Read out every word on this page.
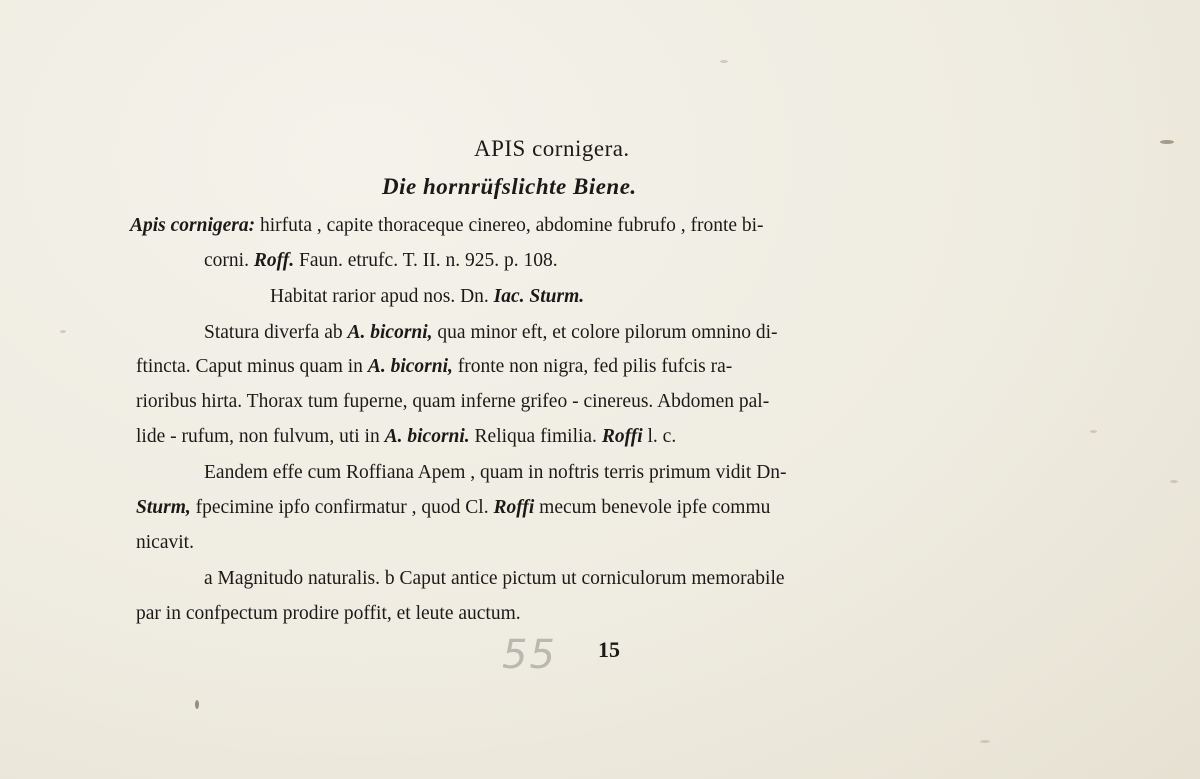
APIS cornigera.
Die hornrüfslichte Biene.
Apis cornigera: hirfuta , capite thoraceque cinereo, abdomine fubrufo , fronte bi-
corni. Roff. Faun. etrufc. T. II. n. 925. p. 108.
Habitat rarior apud nos. Dn. Iac. Sturm.
Statura diverfa ab A. bicorni, qua minor eft, et colore pilorum omnino di-
ftincta. Caput minus quam in A. bicorni, fronte non nigra, fed pilis fufcis ra-
rioribus hirta. Thorax tum fuperne, quam inferne grifeo - cinereus. Abdomen pal-
lide - rufum, non fulvum, uti in A. bicorni. Reliqua fimilia. Roffi l. c.
Eandem effe cum Roffiana Apem , quam in noftris terris primum vidit Dn-
Sturm, fpecimine ipfo confirmatur , quod Cl. Roffi mecum benevole ipfe commu
nicavit.
a Magnitudo naturalis. b Caput antice pictum ut corniculorum memorabile
par in confpectum prodire poffit, et leute auctum.
55 15
